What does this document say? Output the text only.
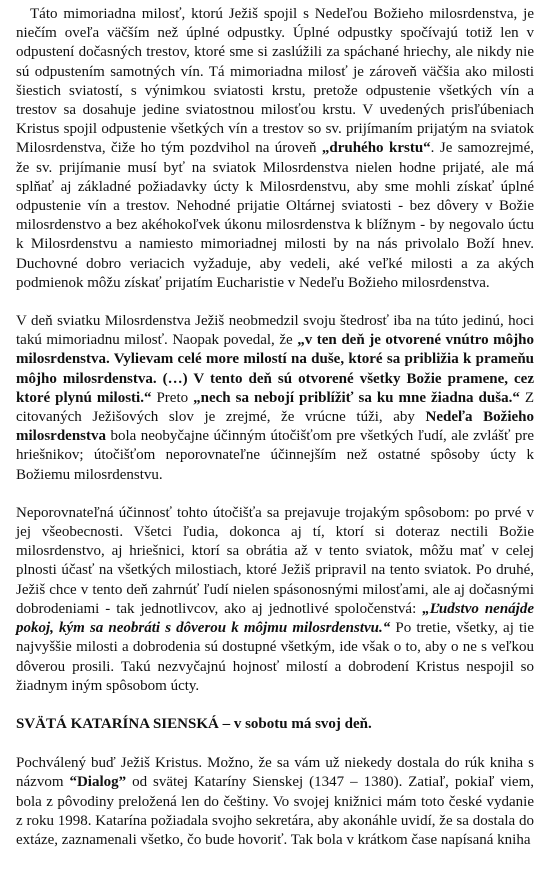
Táto mimoriadna milosť, ktorú Ježiš spojil s Nedeľou Božieho milosrdenstva, je niečím oveľa väčším než úplné odpustky. Úplné odpustky spočívajú totiž len v odpustení dočasných trestov, ktoré sme si zaslúžili za spáchané hriechy, ale nikdy nie sú odpustením samotných vín. Tá mimoriadna milosť je zároveň väčšia ako milosti šiestich sviatostí, s výnimkou sviatosti krstu, pretože odpustenie všetkých vín a trestov sa dosahuje jedine sviatostnou milosťou krstu. V uvedených prisľúbeniach Kristus spojil odpustenie všetkých vín a trestov so sv. prijímaním prijatým na sviatok Milosrdenstva, čiže ho tým pozdvihol na úroveň „druhého krstu“. Je samozrejmé, že sv. prijímanie musí byť na sviatok Milosrdenstva nielen hodne prijaté, ale má splňať aj základné požiadavky úcty k Milosrdenstvu, aby sme mohli získať úplné odpustenie vín a trestov. Nehodné prijatie Oltárnej sviatosti - bez dôvery v Božie milosrdenstvo a bez akéhokoľvek úkonu milosrdenstva k blížnym - by negovalo úctu k Milosrdenstvu a namiesto mimoriadnej milosti by na nás privolalo Boží hnev. Duchovné dobro veriacich vyžaduje, aby vedeli, aké veľké milosti a za akých podmienok môžu získať prijatím Eucharistie v Nedeľu Božieho milosrdenstva.

V deň sviatku Milosrdenstva Ježiš neobmedzil svoju štedrosť iba na túto jedinú, hoci takú mimoriadnu milosť. Naopak povedal, že „v ten deň je otvorené vnútro môjho milosrdenstva. Vylievam celé more milostí na duše, ktoré sa približia k prameňu môjho milosrdenstva. (…) V tento deň sú otvorené všetky Božie pramene, cez ktoré plynú milosti.“ Preto „nech sa nebojí priblížiť sa ku mne žiadna duša.“ Z citovaných Ježišových slov je zrejmé, že vrúcne túži, aby Nedeľa Božieho milosrdenstva bola neobyčajne účinným útočišťom pre všetkých ľudí, ale zvlášť pre hriešnikov; útočišťom neporovnateľne účinnejším než ostatné spôsoby úcty k Božiemu milosrdenstvu.

Neporovnateľná účinnosť tohto útočišťa sa prejavuje trojakým spôsobom: po prvé v jej všeobecnosti. Všetci ľudia, dokonca aj tí, ktorí si doteraz nectili Božie milosrdenstvo, aj hriešnici, ktorí sa obrátia až v tento sviatok, môžu mať v celej plnosti účasť na všetkých milostiach, ktoré Ježiš pripravil na tento sviatok. Po druhé, Ježiš chce v tento deň zahrnúť ľudí nielen spásonosnými milosťami, ale aj dočasnými dobrodeniami - tak jednotlivcov, ako aj jednotlivé spoločenstvá: „Ľudstvo nenájde pokoj, kým sa neobráti s dôverou k môjmu milosrdenstvu.“ Po tretie, všetky, aj tie najvyššie milosti a dobrodenia sú dostupné všetkým, ide však o to, aby o ne s veľkou dôverou prosili. Takú nezvyčajnú hojnosť milostí a dobrodení Kristus nespojil so žiadnym iným spôsobom úcty.

SVÄTÁ KATARÍNA SIENSKÁ – v sobotu má svoj deň.

Pochválený buď Ježiš Kristus. Možno, že sa vám už niekedy dostala do rúk kniha s názvom “Dialog” od svätej Kataríny Sienskej (1347 – 1380). Zatiaľ, pokiaľ viem, bola z pôvodiny preložená len do češtiny. Vo svojej knižnici mám toto české vydanie z roku 1998. Katarína požiadala svojho sekretára, aby akonáhle uvidí, že sa dostala do extáze, zaznamenali všetko, čo bude hovoriť. Tak bola v krátkom čase napísaná kniha
